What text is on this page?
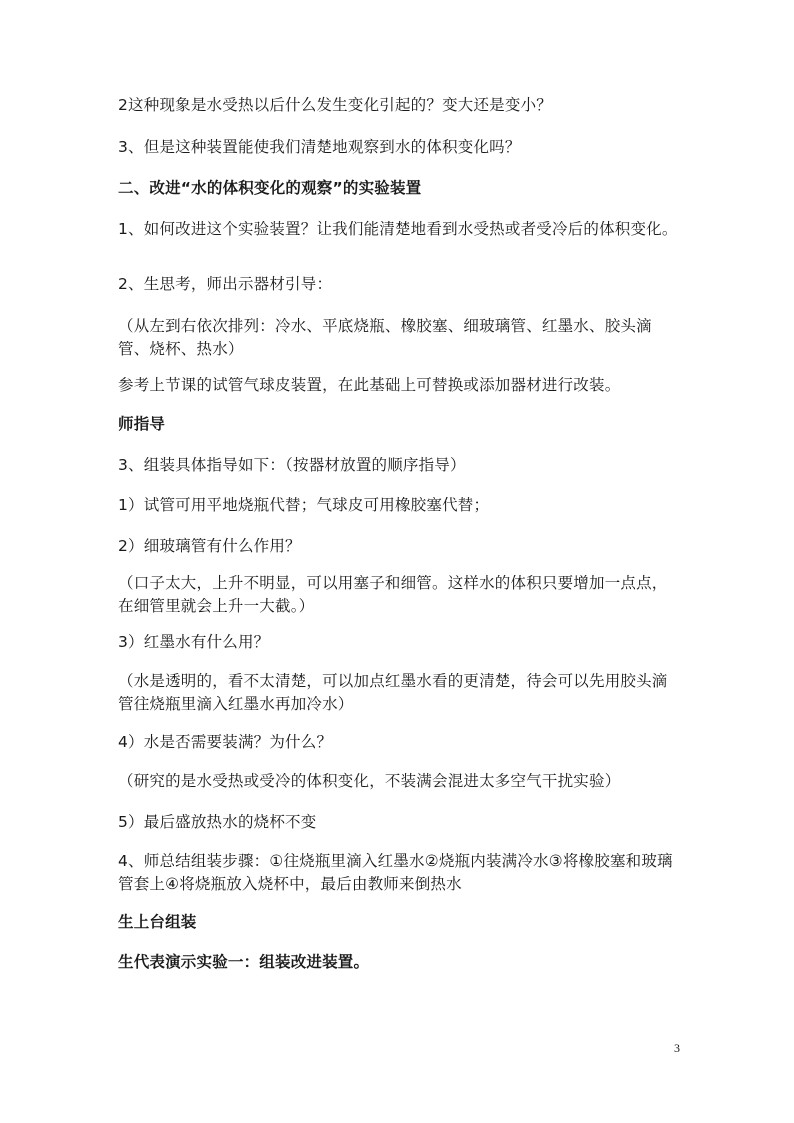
2这种现象是水受热以后什么发生变化引起的？变大还是变小？

3、但是这种装置能使我们清楚地观察到水的体积变化吗？

二、改进“水的体积变化的观察”的实验装置

1、如何改进这个实验装置？让我们能清楚地看到水受热或者受冷后的体积变化。

2、生思考，师出示器材引导：

（从左到右依次排列：冷水、平底烧瓶、橡胶塞、细玻璃管、红墨水、胶头滴管、烧杯、热水）

参考上节课的试管气球皮装置，在此基础上可替换或添加器材进行改装。

师指导

3、组装具体指导如下：（按器材放置的顺序指导）

1）试管可用平地烧瓶代替；气球皮可用橡胶塞代替；

2）细玻璃管有什么作用？

（口子太大，上升不明显，可以用塞子和细管。这样水的体积只要增加一点点，在细管里就会上升一大截。）

3）红墨水有什么用？

（水是透明的，看不太清楚，可以加点红墨水看的更清楚，待会可以先用胶头滴管往烧瓶里滴入红墨水再加冷水）

4）水是否需要装满？为什么？

（研究的是水受热或受冷的体积变化，不装满会混进太多空气干扰实验）

5）最后盛放热水的烧杯不变

4、师总结组装步骤：①往烧瓶里滴入红墨水②烧瓶内装满冷水③将橡胶塞和玻璃管套上④将烧瓶放入烧杯中，最后由教师来倒热水

生上台组装

生代表演示实验一：组装改进装置。

3
